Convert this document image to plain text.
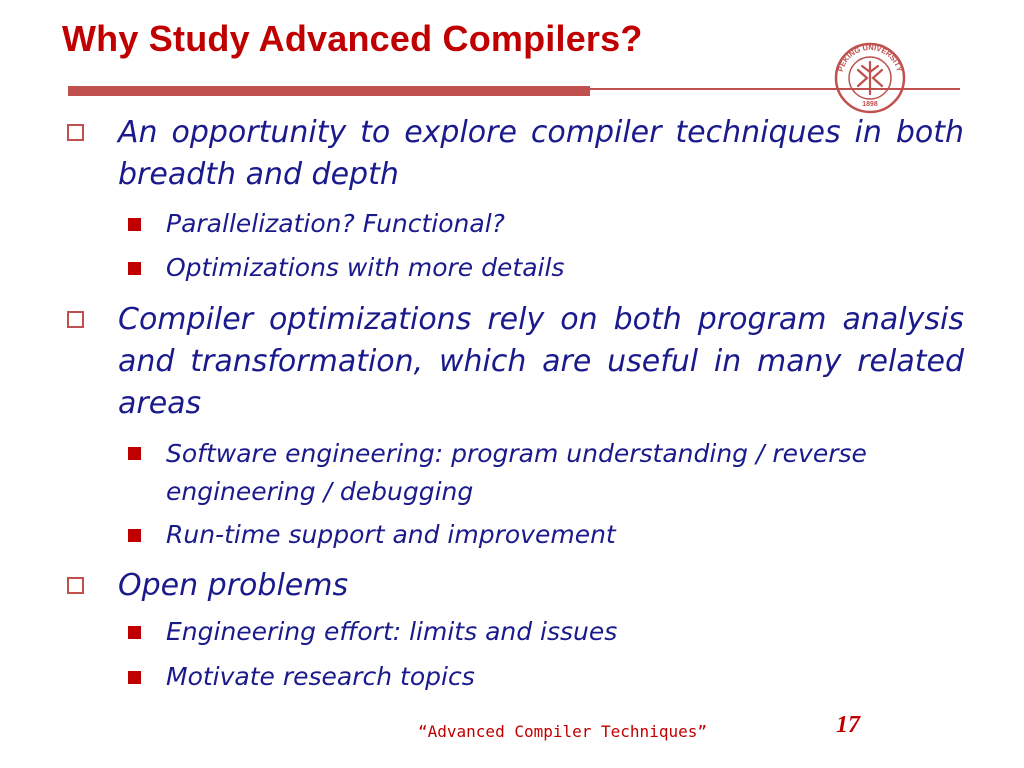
Why Study Advanced Compilers?
PEKING UNIVERSITY
1898
An opportunity to explore compiler techniques in both breadth and depth
Parallelization? Functional?
Optimizations with more details
Compiler optimizations rely on both program analysis and transformation, which are useful in many related areas
Software engineering: program understanding / reverse engineering / debugging
Run-time support and improvement
Open problems
Engineering effort: limits and issues
Motivate research topics
“Advanced Compiler Techniques”	17
